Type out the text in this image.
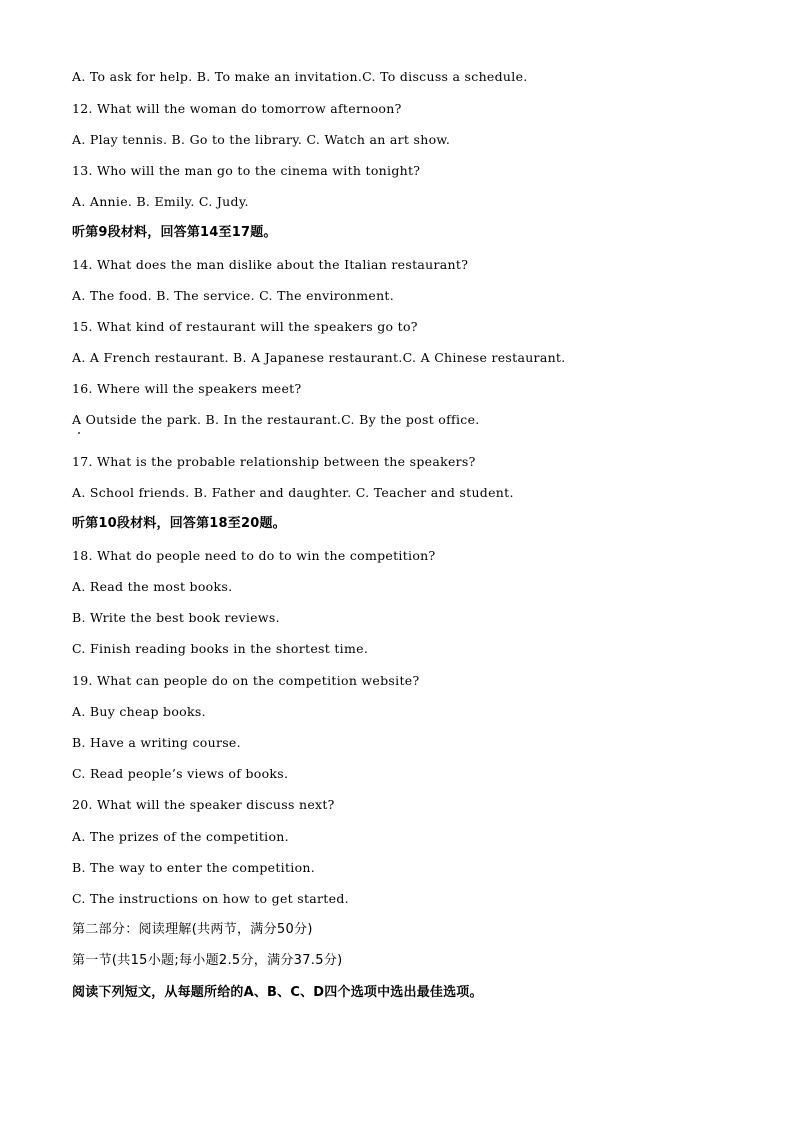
A. To ask for help. B. To make an invitation.C. To discuss a schedule.
12. What will the woman do tomorrow afternoon?
A. Play tennis. B. Go to the library. C. Watch an art show.
13. Who will the man go to the cinema with tonight?
A. Annie. B. Emily. C. Judy.
听第9段材料，回答第14至17题。
14. What does the man dislike about the Italian restaurant?
A. The food. B. The service. C. The environment.
15. What kind of restaurant will the speakers go to?
A. A French restaurant. B. A Japanese restaurant.C. A Chinese restaurant.
16. Where will the speakers meet?
A Outside the park. B. In the restaurant.C. By the post office.
17. What is the probable relationship between the speakers?
A. School friends. B. Father and daughter. C. Teacher and student.
听第10段材料，回答第18至20题。
18. What do people need to do to win the competition?
A. Read the most books.
B. Write the best book reviews.
C. Finish reading books in the shortest time.
19. What can people do on the competition website?
A. Buy cheap books.
B. Have a writing course.
C. Read people’s views of books.
20. What will the speaker discuss next?
A. The prizes of the competition.
B. The way to enter the competition.
C. The instructions on how to get started.
第二部分：阅读理解(共两节，满分50分)
第一节(共15小题;每小题2.5分，满分37.5分)
阅读下列短文，从每题所给的A、B、C、D四个选项中选出最佳选项。
